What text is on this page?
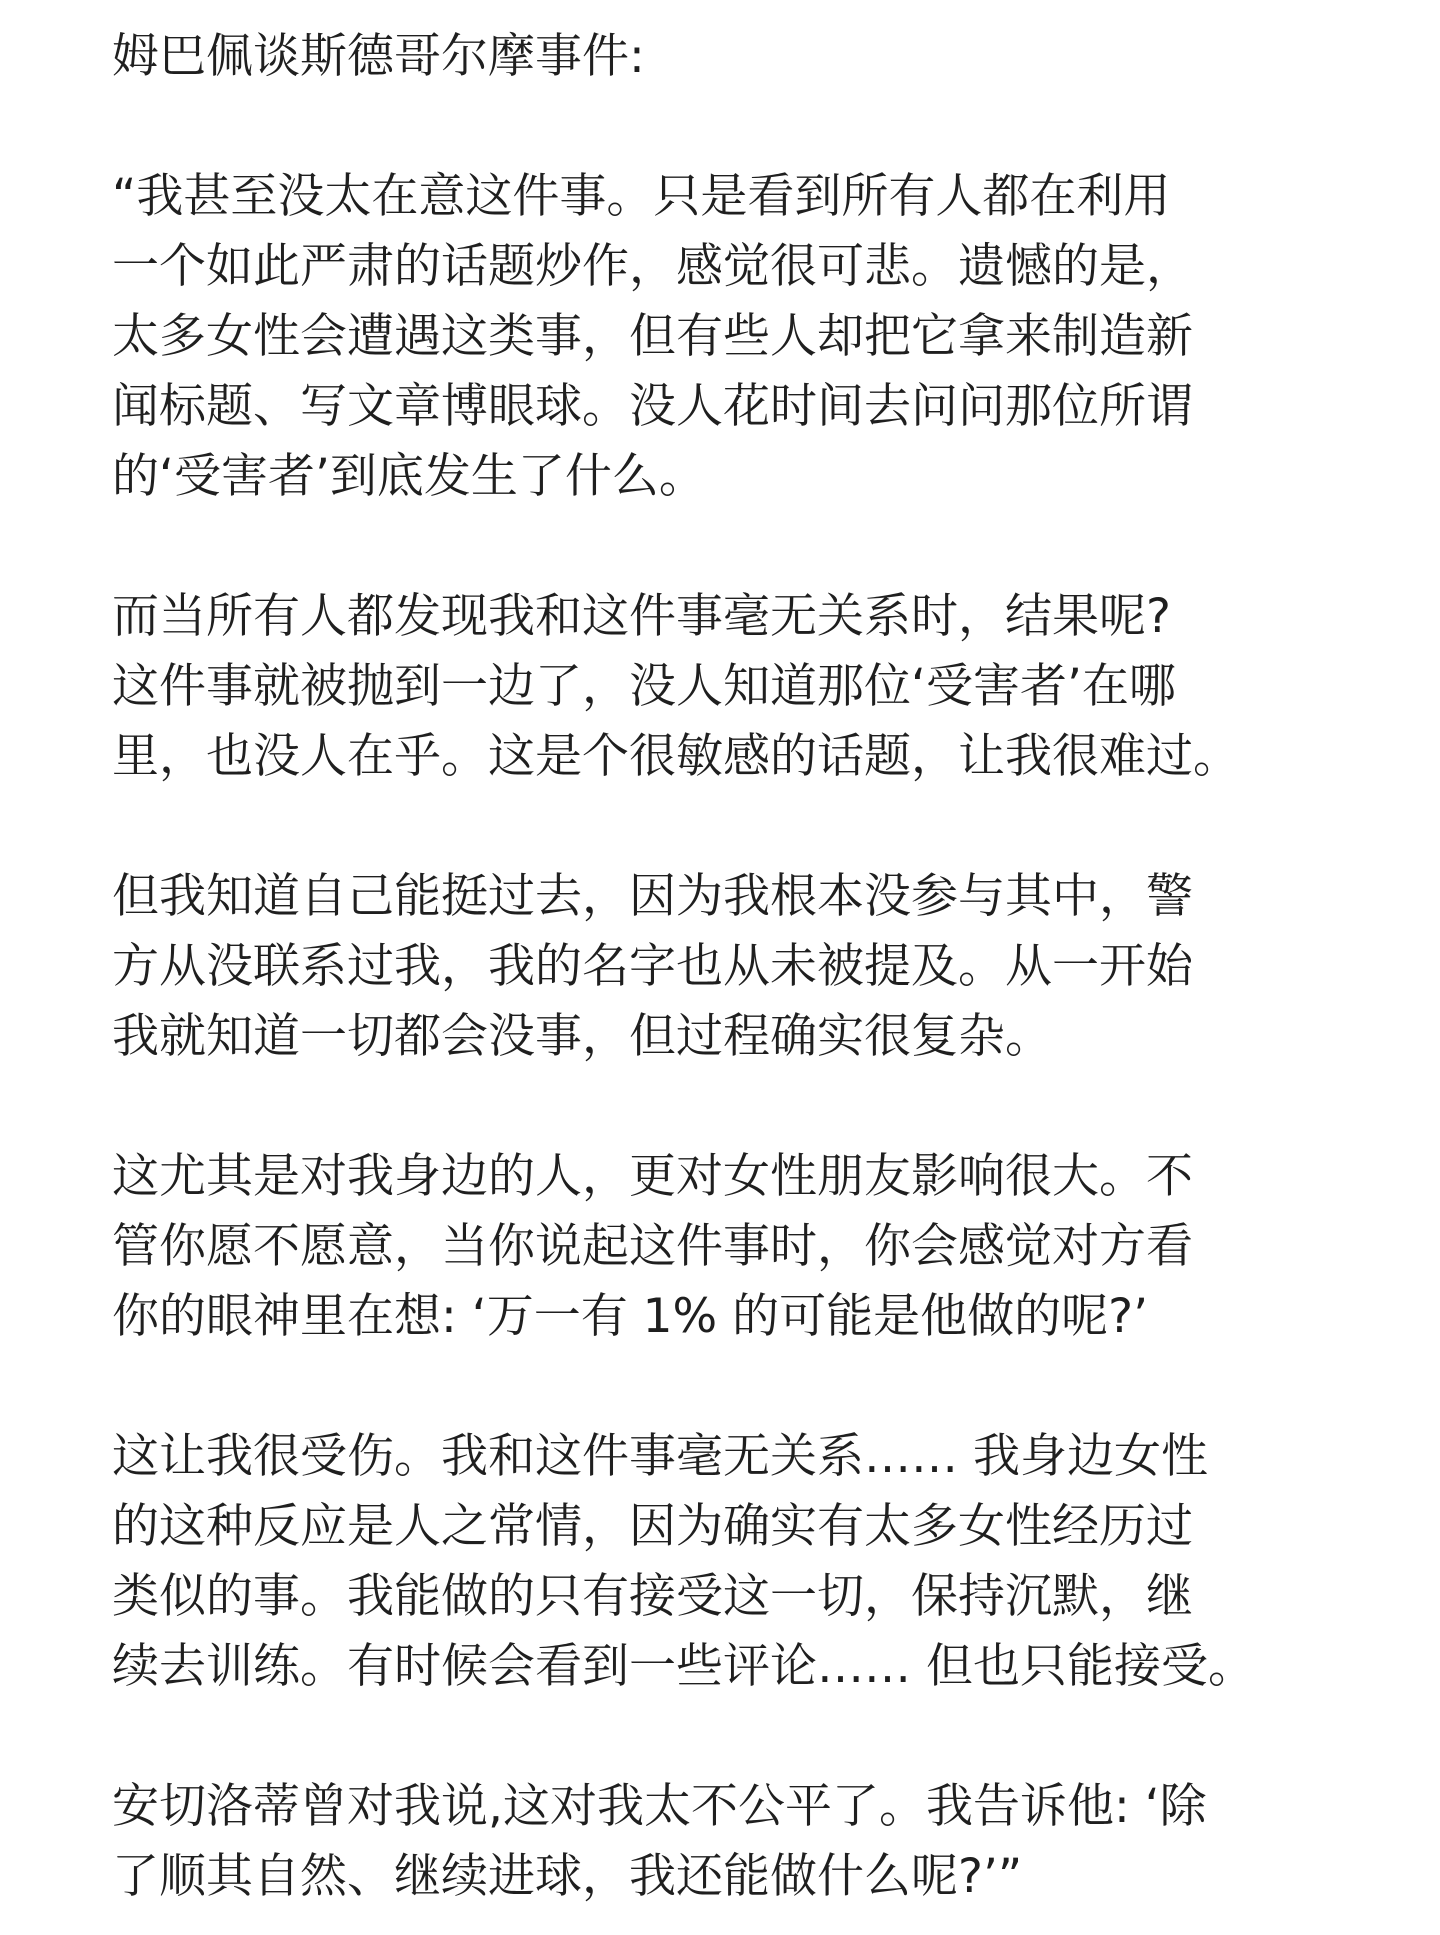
姆巴佩谈斯德哥尔摩事件:

“我甚至没太在意这件事。只是看到所有人都在利用
一个如此严肃的话题炒作，感觉很可悲。遗憾的是，
太多女性会遭遇这类事，但有些人却把它拿来制造新
闻标题、写文章博眼球。没人花时间去问问那位所谓
的‘受害者’到底发生了什么。

而当所有人都发现我和这件事毫无关系时，结果呢?
这件事就被抛到一边了，没人知道那位‘受害者’在哪
里，也没人在乎。这是个很敏感的话题，让我很难过。

但我知道自己能挺过去，因为我根本没参与其中，警
方从没联系过我，我的名字也从未被提及。从一开始
我就知道一切都会没事，但过程确实很复杂。

这尤其是对我身边的人，更对女性朋友影响很大。不
管你愿不愿意，当你说起这件事时，你会感觉对方看
你的眼神里在想: ‘万一有 1% 的可能是他做的呢?’

这让我很受伤。我和这件事毫无关系…… 我身边女性
的这种反应是人之常情，因为确实有太多女性经历过
类似的事。我能做的只有接受这一切，保持沉默，继
续去训练。有时候会看到一些评论…… 但也只能接受。

安切洛蒂曾对我说,这对我太不公平了。我告诉他: ‘除
了顺其自然、继续进球，我还能做什么呢?’”
